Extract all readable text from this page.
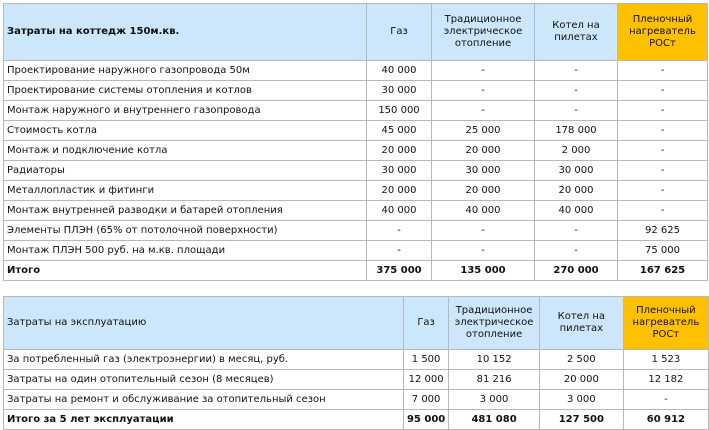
Затраты на коттедж 150м.кв.	Газ	Традиционное электрическое отопление	Котел на пилетах	Пленочный нагреватель РОСт
Проектирование наружного газопровода 50м	40 000	-	-	-
Проектирование системы отопления и котлов	30 000	-	-	-
Монтаж наружного и внутреннего газопровода	150 000	-	-	-
Стоимость котла	45 000	25 000	178 000	-
Монтаж и подключение котла	20 000	20 000	2 000	-
Радиаторы	30 000	30 000	30 000	-
Металлопластик и фитинги	20 000	20 000	20 000	-
Монтаж внутренней разводки и батарей отопления	40 000	40 000	40 000	-
Элементы ПЛЭН (65% от потолочной поверхности)	-	-	-	92 625
Монтаж ПЛЭН 500 руб. на м.кв. площади	-	-	-	75 000
Итого	375 000	135 000	270 000	167 625
Затраты на эксплуатацию	Газ	Традиционное электрическое отопление	Котел на пилетах	Пленочный нагреватель РОСт
За потребленный газ (электроэнергии) в месяц, руб.	1 500	10 152	2 500	1 523
Затраты на один отопительный сезон (8 месяцев)	12 000	81 216	20 000	12 182
Затраты на ремонт и обслуживание за отопительный сезон	7 000	3 000	3 000	-
Итого за 5 лет эксплуатации	95 000	481 080	127 500	60 912
